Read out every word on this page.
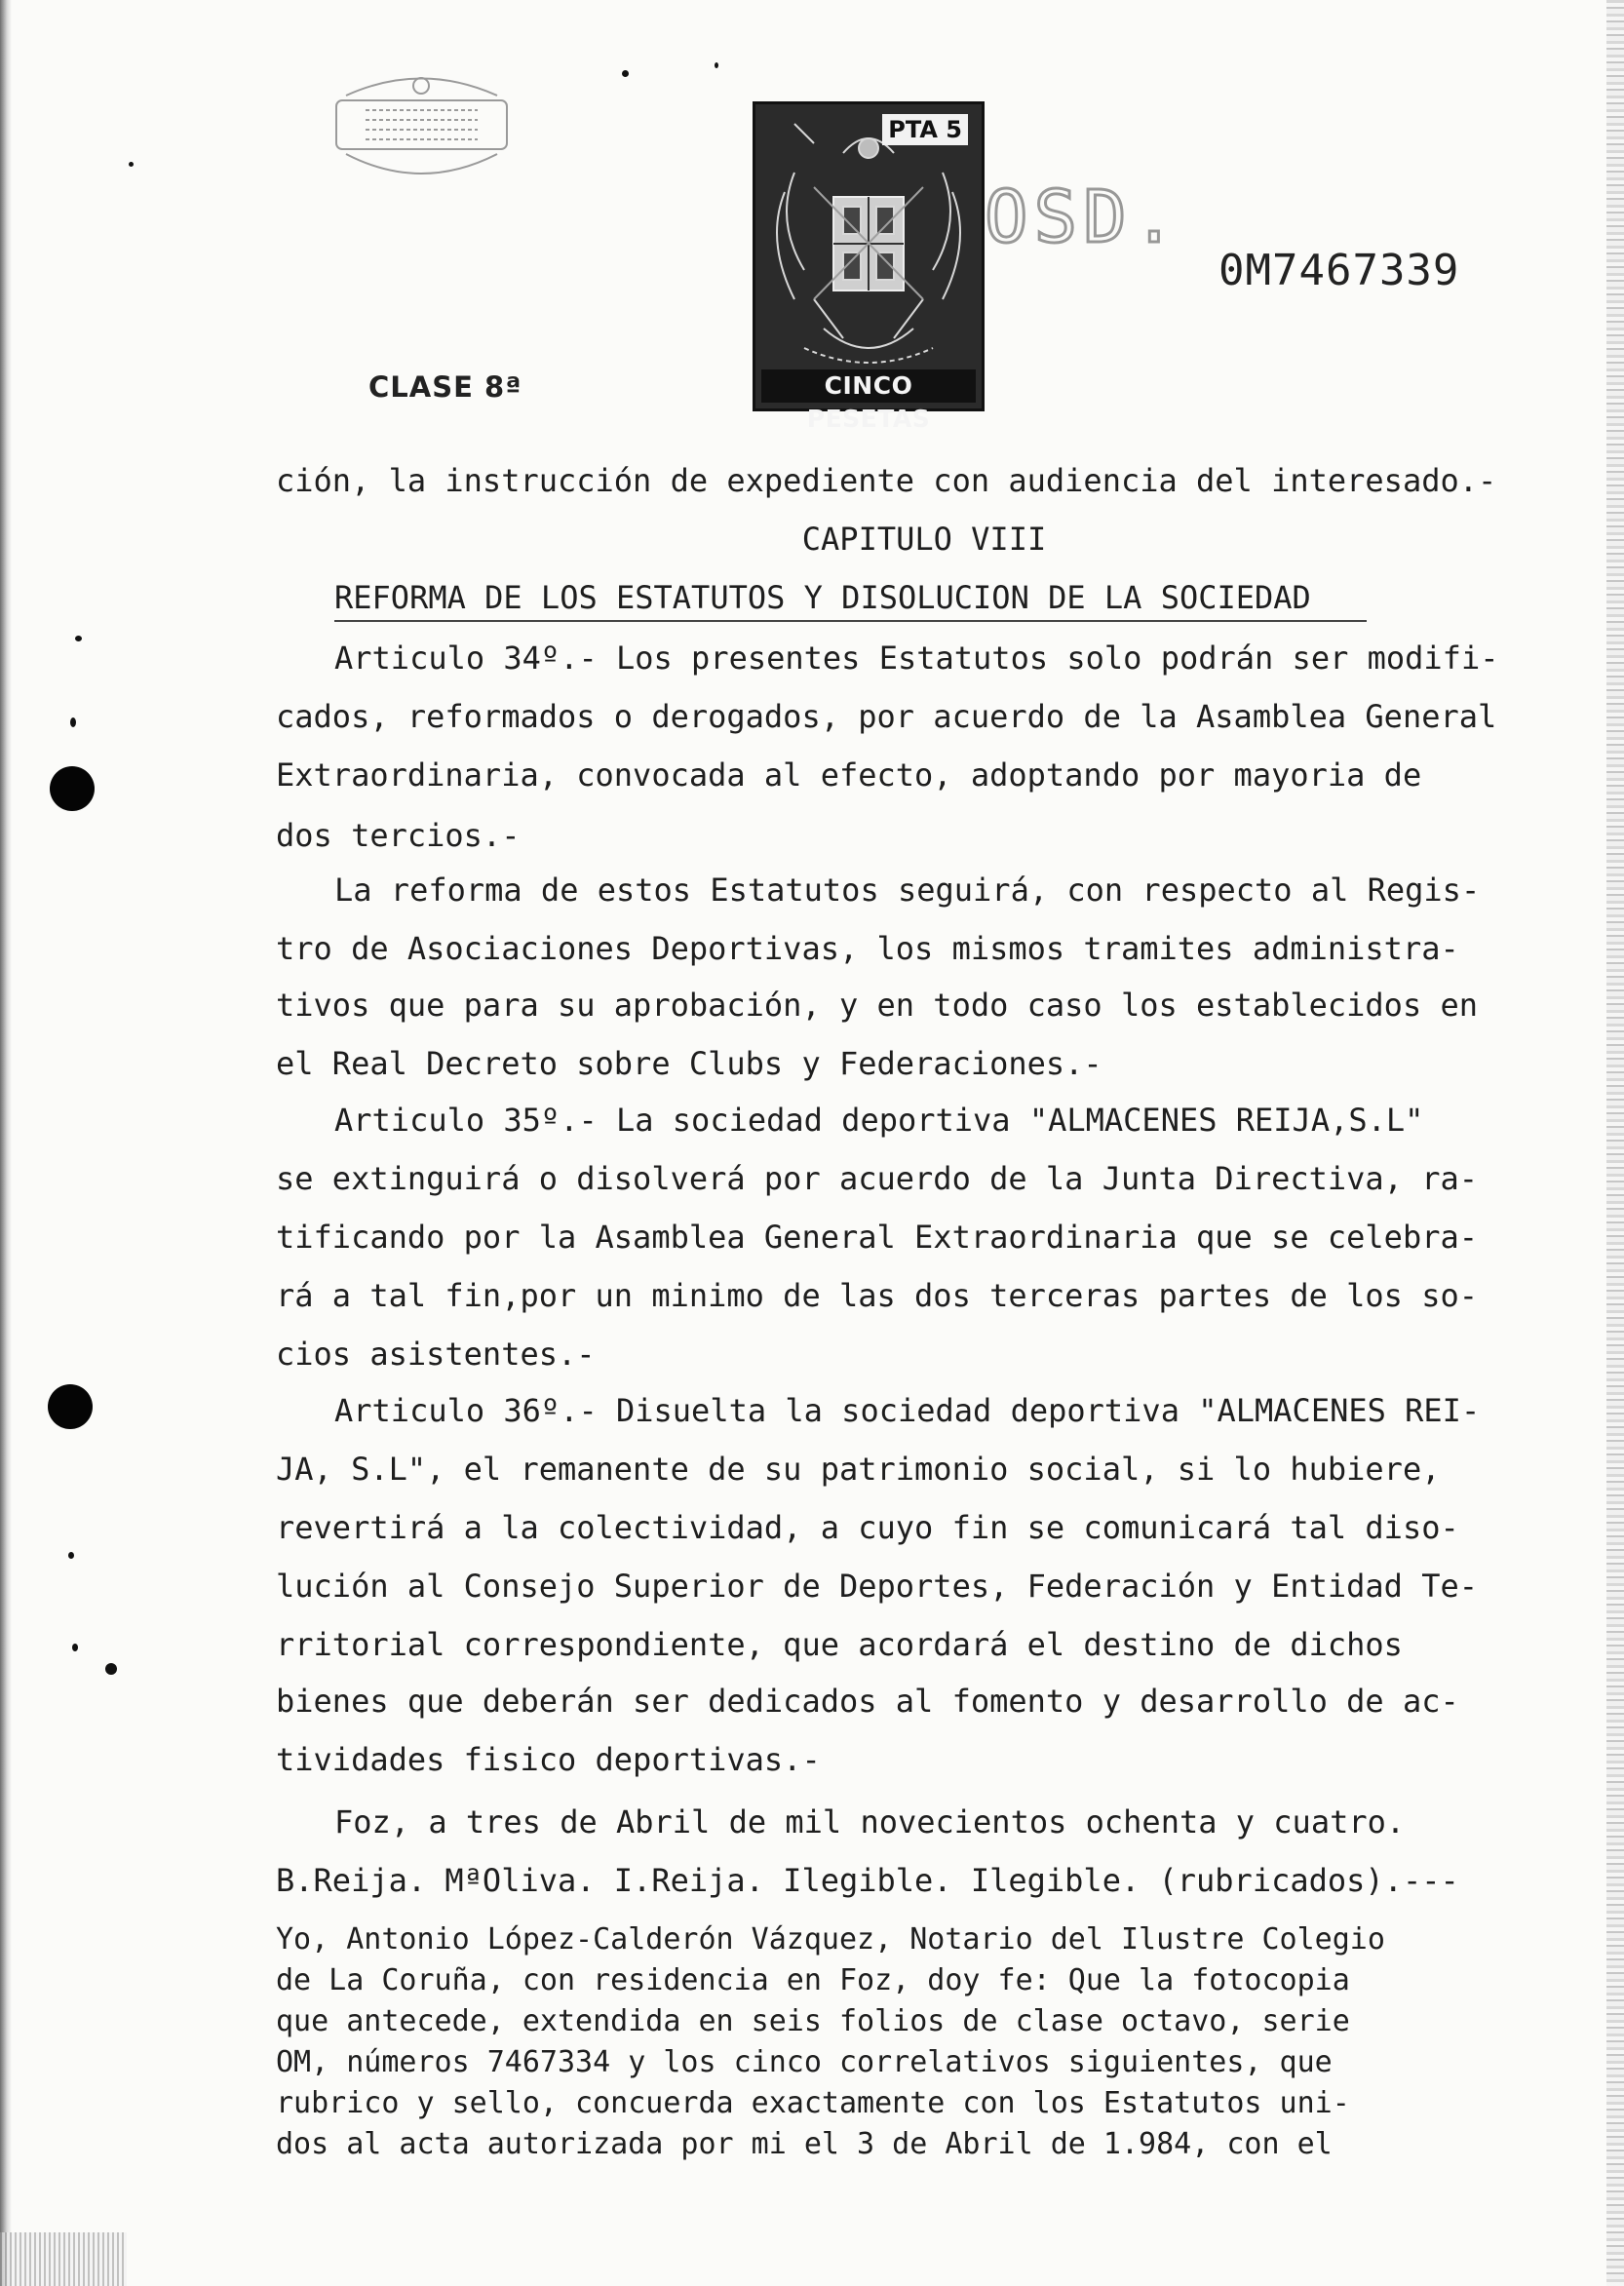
PTA 5
CINCO PESETAS
OSD.
0M7467339
CLASE 8ª
ción, la instrucción de expediente con audiencia del interesado.-
CAPITULO VIII
REFORMA DE LOS ESTATUTOS Y DISOLUCION DE LA SOCIEDAD
Articulo 34º.- Los presentes Estatutos solo podrán ser modifi-
cados, reformados o derogados, por acuerdo de la Asamblea General
Extraordinaria, convocada al efecto, adoptando por mayoria de
dos tercios.-
La reforma de estos Estatutos seguirá, con respecto al Regis-
tro de Asociaciones Deportivas, los mismos tramites administra-
tivos que para su aprobación, y en todo caso los establecidos en
el Real Decreto sobre Clubs y Federaciones.-
Articulo 35º.- La sociedad deportiva "ALMACENES REIJA,S.L"
se extinguirá o disolverá por acuerdo de la Junta Directiva, ra-
tificando por la Asamblea General Extraordinaria que se celebra-
rá a tal fin,por un minimo de las dos terceras partes de los so-
cios asistentes.-
Articulo 36º.- Disuelta la sociedad deportiva "ALMACENES REI-
JA, S.L", el remanente de su patrimonio social, si lo hubiere,
revertirá a la colectividad, a cuyo fin se comunicará tal diso-
lución al Consejo Superior de Deportes, Federación y Entidad Te-
rritorial correspondiente, que acordará el destino de dichos
bienes que deberán ser dedicados al fomento y desarrollo de ac-
tividades fisico deportivas.-
Foz, a tres de Abril de mil novecientos ochenta y cuatro.
B.Reija. MªOliva. I.Reija. Ilegible. Ilegible. (rubricados).---
Yo, Antonio López-Calderón Vázquez, Notario del Ilustre Colegio
de La Coruña, con residencia en Foz, doy fe: Que la fotocopia
que antecede, extendida en seis folios de clase octavo, serie
OM, números 7467334 y los cinco correlativos siguientes, que
rubrico y sello, concuerda exactamente con los Estatutos uni-
dos al acta autorizada por mi el 3 de Abril de 1.984, con el
